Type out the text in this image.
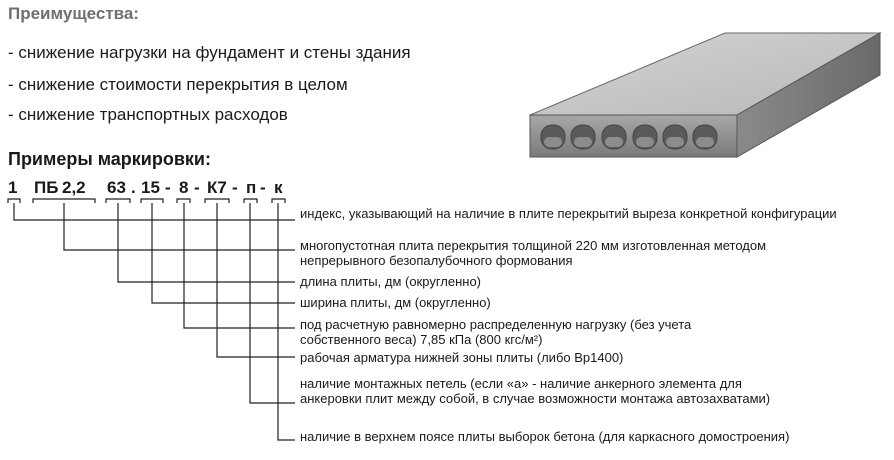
Преимущества:
- снижение нагрузки на фундамент и стены здания
- снижение стоимости перекрытия в целом
- снижение транспортных расходов
Примеры маркировки:
1 ПБ 2,2 63 . 15 - 8 - К7 - п - к
индекс, указывающий на наличие в плите перекрытий выреза конкретной конфигурации
многопустотная плита перекрытия толщиной 220 мм изготовленная методом непрерывного безопалубочного формования
длина плиты, дм (округленно)
ширина плиты, дм (округленно)
под расчетную равномерно распределенную нагрузку (без учета собственного веса) 7,85 кПа (800 кгс/м²)
рабочая арматура нижней зоны плиты (либо Вр1400)
наличие монтажных петель (если «а» - наличие анкерного элемента для анкеровки плит между собой, в случае возможности монтажа автозахватами)
наличие в верхнем поясе плиты выборок бетона (для каркасного домостроения)
